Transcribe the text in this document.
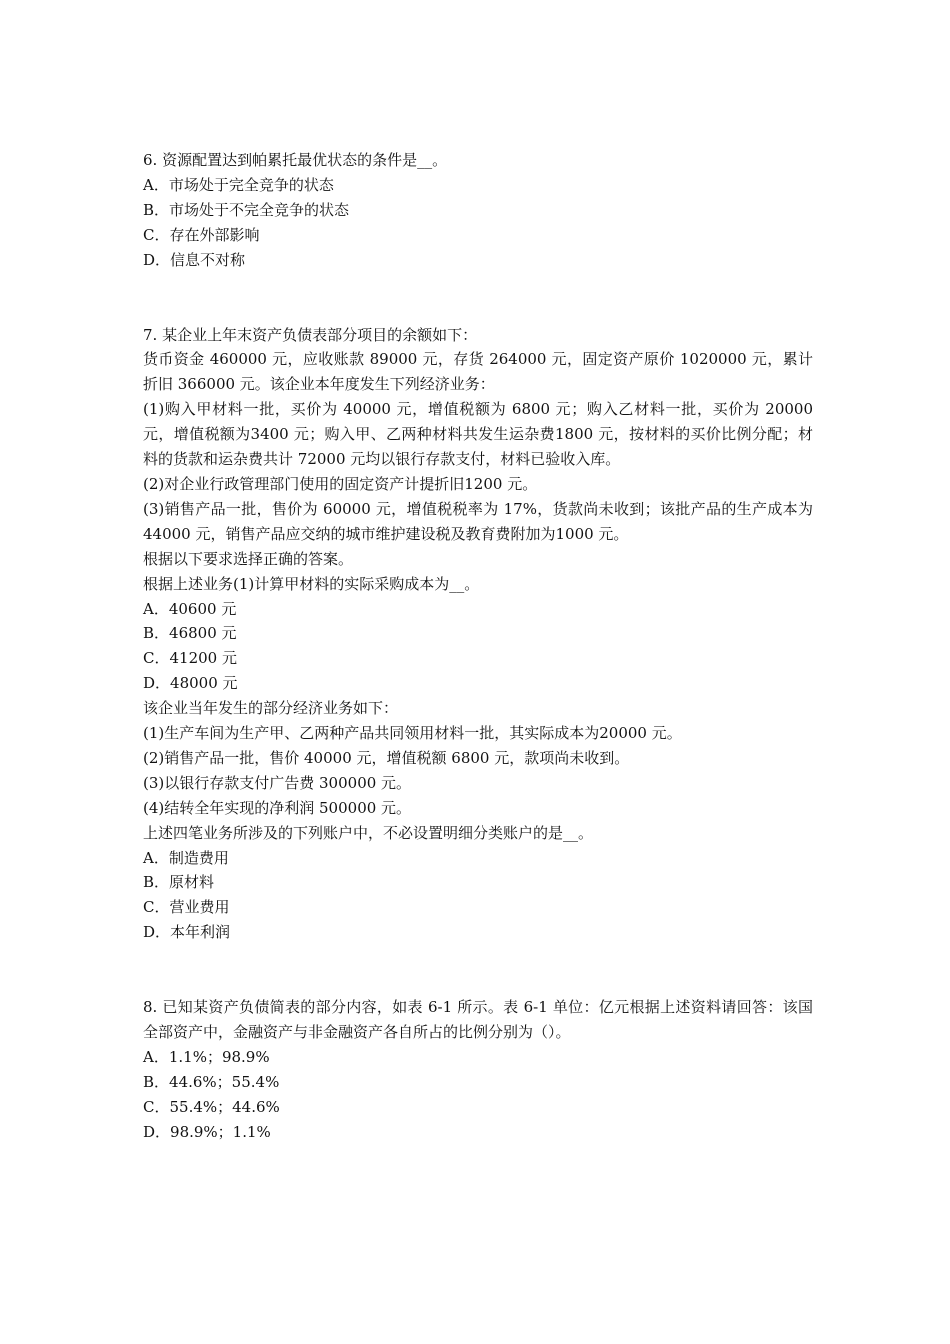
6. 资源配置达到帕累托最优状态的条件是__。
A．市场处于完全竞争的状态
B．市场处于不完全竞争的状态
C．存在外部影响
D．信息不对称
7. 某企业上年末资产负债表部分项目的余额如下：
货币资金 460000 元，应收账款 89000 元，存货 264000 元，固定资产原价 1020000 元，累计折旧 366000 元。该企业本年度发生下列经济业务：
(1)购入甲材料一批，买价为 40000 元，增值税额为 6800 元；购入乙材料一批，买价为 20000 元，增值税额为3400 元；购入甲、乙两种材料共发生运杂费1800 元，按材料的买价比例分配；材料的货款和运杂费共计 72000 元均以银行存款支付，材料已验收入库。
(2)对企业行政管理部门使用的固定资产计提折旧1200 元。
(3)销售产品一批，售价为 60000 元，增值税税率为 17%，货款尚未收到；该批产品的生产成本为 44000 元，销售产品应交纳的城市维护建设税及教育费附加为1000 元。
根据以下要求选择正确的答案。
根据上述业务(1)计算甲材料的实际采购成本为__。
A．40600 元
B．46800 元
C．41200 元
D．48000 元
该企业当年发生的部分经济业务如下：
(1)生产车间为生产甲、乙两种产品共同领用材料一批，其实际成本为20000 元。
(2)销售产品一批，售价 40000 元，增值税额 6800 元，款项尚未收到。
(3)以银行存款支付广告费 300000 元。
(4)结转全年实现的净利润 500000 元。
上述四笔业务所涉及的下列账户中，不必设置明细分类账户的是__。
A．制造费用
B．原材料
C．营业费用
D．本年利润
8. 已知某资产负债简表的部分内容，如表 6-1 所示。表 6-1 单位：亿元根据上述资料请回答：该国全部资产中，金融资产与非金融资产各自所占的比例分别为（）。
A．1.1%；98.9%
B．44.6%；55.4%
C．55.4%；44.6%
D．98.9%；1.1%
